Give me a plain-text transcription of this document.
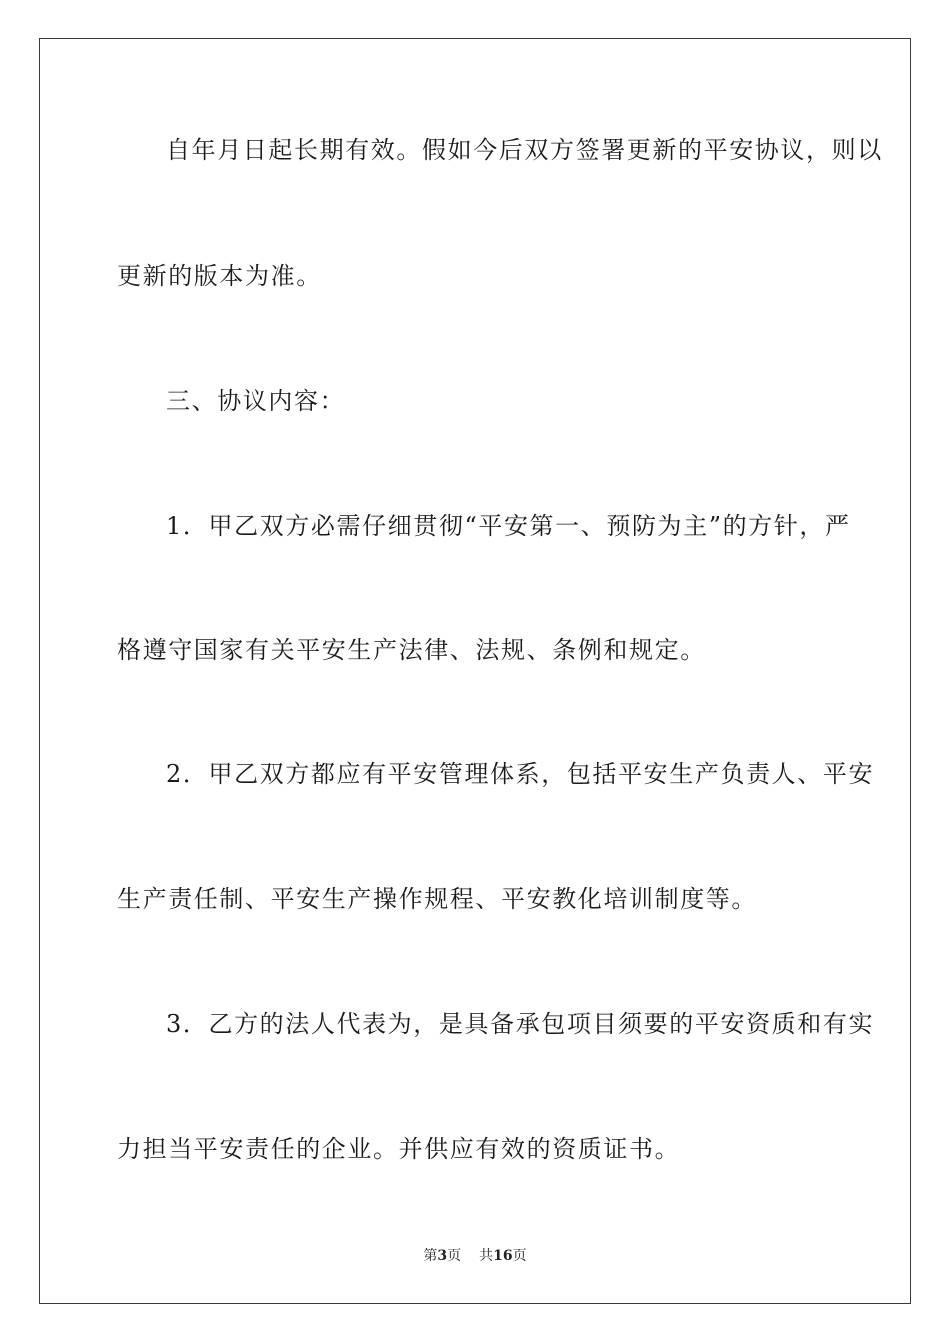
自年月日起长期有效。假如今后双方签署更新的平安协议，则以
更新的版本为准。
三、协议内容：
1．甲乙双方必需仔细贯彻“平安第一、预防为主”的方针，严
格遵守国家有关平安生产法律、法规、条例和规定。
2．甲乙双方都应有平安管理体系，包括平安生产负责人、平安
生产责任制、平安生产操作规程、平安教化培训制度等。
3．乙方的法人代表为，是具备承包项目须要的平安资质和有实
力担当平安责任的企业。并供应有效的资质证书。
第3页 共16页
